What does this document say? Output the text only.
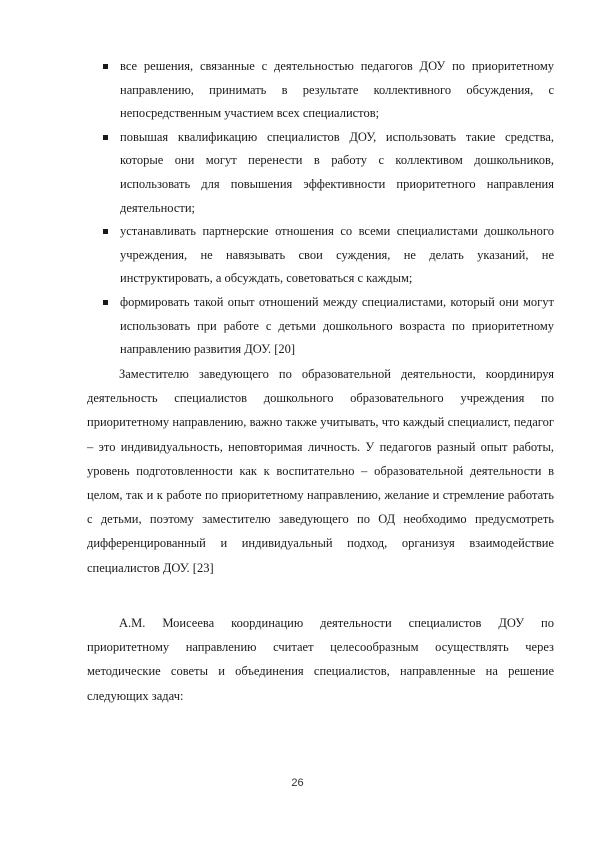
все решения, связанные с деятельностью педагогов ДОУ по приоритетному направлению, принимать в результате коллективного обсуждения, с непосредственным участием всех специалистов;
повышая квалификацию специалистов ДОУ, использовать такие средства, которые они могут перенести в работу с коллективом дошкольников, использовать для повышения эффективности приоритетного направления деятельности;
устанавливать партнерские отношения со всеми специалистами дошкольного учреждения, не навязывать свои суждения, не делать указаний, не инструктировать, а обсуждать, советоваться с каждым;
формировать такой опыт отношений между специалистами, который они могут использовать при работе с детьми дошкольного возраста по приоритетному направлению развития ДОУ. [20]

Заместителю заведующего по образовательной деятельности, координируя деятельность специалистов дошкольного образовательного учреждения по приоритетному направлению, важно также учитывать, что каждый специалист, педагог – это индивидуальность, неповторимая личность. У педагогов разный опыт работы, уровень подготовленности как к воспитательно – образовательной деятельности в целом, так и к работе по приоритетному направлению, желание и стремление работать с детьми, поэтому заместителю заведующего по ОД необходимо предусмотреть дифференцированный и индивидуальный подход, организуя взаимодействие специалистов ДОУ. [23]

А.М. Моисеева координацию деятельности специалистов ДОУ по приоритетному направлению считает целесообразным осуществлять через методические советы и объединения специалистов, направленные на решение следующих задач:

26
